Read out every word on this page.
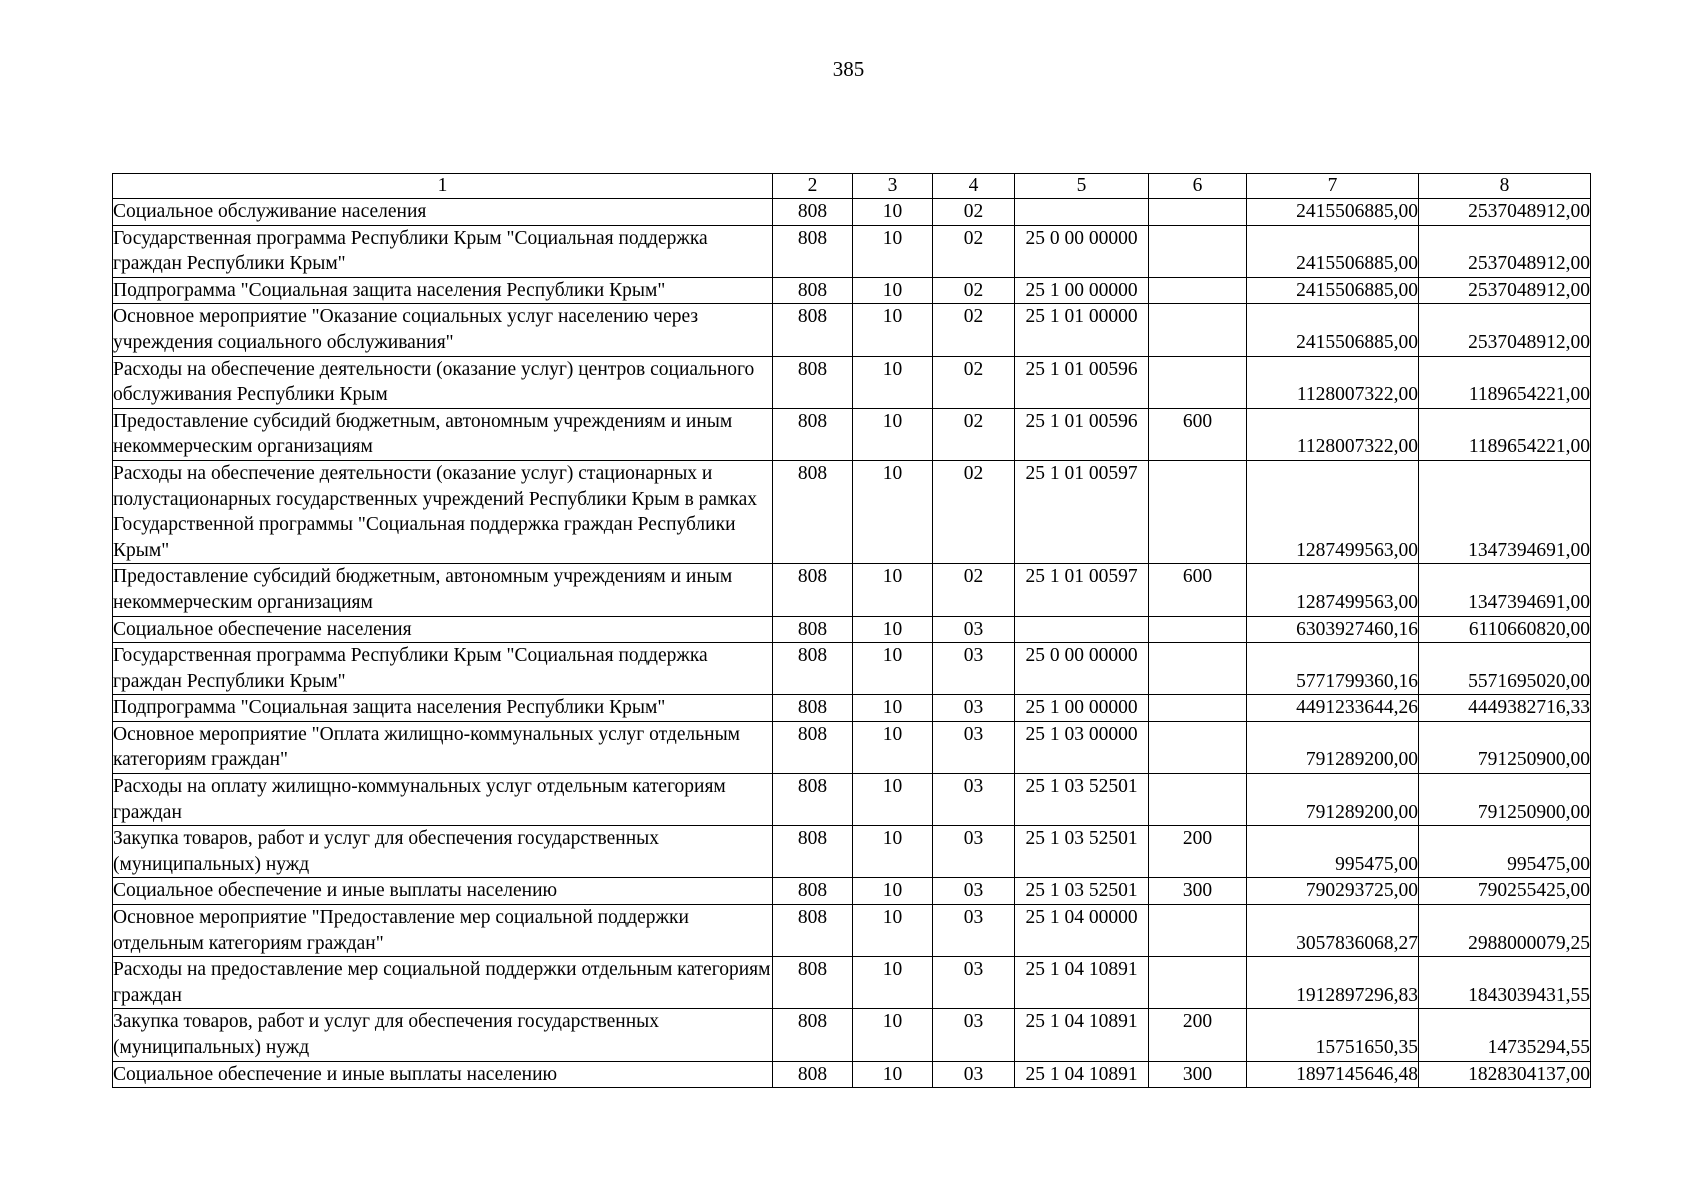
385
1	2	3	4	5	6	7	8
Социальное обслуживание населения	808	10	02			2415506885,00	2537048912,00
Государственная программа Республики Крым "Социальная поддержка граждан Республики Крым"	808	10	02	25 0 00 00000		2415506885,00	2537048912,00
Подпрограмма "Социальная защита населения Республики Крым"	808	10	02	25 1 00 00000		2415506885,00	2537048912,00
Основное мероприятие "Оказание социальных услуг населению через учреждения социального обслуживания"	808	10	02	25 1 01 00000		2415506885,00	2537048912,00
Расходы на обеспечение деятельности (оказание услуг) центров социального обслуживания Республики Крым	808	10	02	25 1 01 00596		1128007322,00	1189654221,00
Предоставление субсидий бюджетным, автономным учреждениям и иным некоммерческим организациям	808	10	02	25 1 01 00596	600	1128007322,00	1189654221,00
Расходы на обеспечение деятельности (оказание услуг) стационарных и полустационарных государственных учреждений Республики Крым в рамках Государственной программы "Социальная поддержка граждан Республики Крым"	808	10	02	25 1 01 00597		1287499563,00	1347394691,00
Предоставление субсидий бюджетным, автономным учреждениям и иным некоммерческим организациям	808	10	02	25 1 01 00597	600	1287499563,00	1347394691,00
Социальное обеспечение населения	808	10	03			6303927460,16	6110660820,00
Государственная программа Республики Крым "Социальная поддержка граждан Республики Крым"	808	10	03	25 0 00 00000		5771799360,16	5571695020,00
Подпрограмма "Социальная защита населения Республики Крым"	808	10	03	25 1 00 00000		4491233644,26	4449382716,33
Основное мероприятие "Оплата жилищно-коммунальных услуг отдельным категориям граждан"	808	10	03	25 1 03 00000		791289200,00	791250900,00
Расходы на оплату жилищно-коммунальных услуг отдельным категориям граждан	808	10	03	25 1 03 52501		791289200,00	791250900,00
Закупка товаров, работ и услуг для обеспечения государственных (муниципальных) нужд	808	10	03	25 1 03 52501	200	995475,00	995475,00
Социальное обеспечение и иные выплаты населению	808	10	03	25 1 03 52501	300	790293725,00	790255425,00
Основное мероприятие "Предоставление мер социальной поддержки отдельным категориям граждан"	808	10	03	25 1 04 00000		3057836068,27	2988000079,25
Расходы на предоставление мер социальной поддержки отдельным категориям граждан	808	10	03	25 1 04 10891		1912897296,83	1843039431,55
Закупка товаров, работ и услуг для обеспечения государственных (муниципальных) нужд	808	10	03	25 1 04 10891	200	15751650,35	14735294,55
Социальное обеспечение и иные выплаты населению	808	10	03	25 1 04 10891	300	1897145646,48	1828304137,00
